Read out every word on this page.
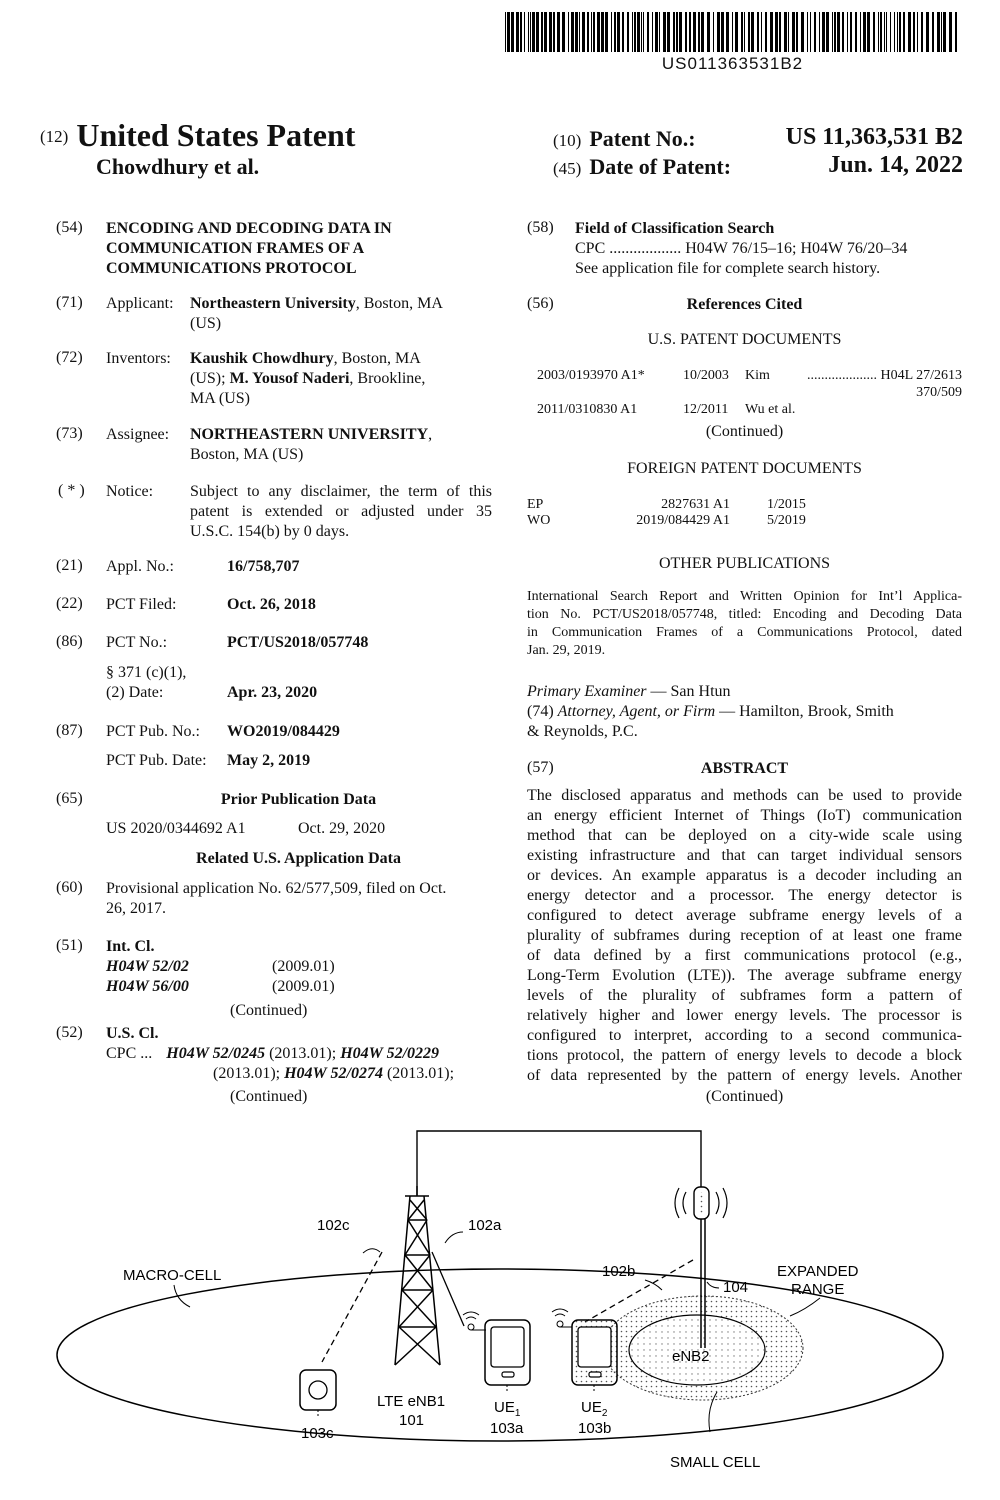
US011363531B2
(12) United States Patent
Chowdhury et al.
(10) Patent No.:	US 11,363,531 B2
(45) Date of Patent:	Jun. 14, 2022
(54) ENCODING AND DECODING DATA IN
COMMUNICATION FRAMES OF A
COMMUNICATIONS PROTOCOL
(71) Applicant: Northeastern University, Boston, MA
(US)
(72) Inventors: Kaushik Chowdhury, Boston, MA
(US); M. Yousof Naderi, Brookline,
MA (US)
(73) Assignee: NORTHEASTERN UNIVERSITY,
Boston, MA (US)
( * ) Notice: Subject to any disclaimer, the term of this
patent is extended or adjusted under 35
U.S.C. 154(b) by 0 days.
(21) Appl. No.:	16/758,707
(22) PCT Filed:	Oct. 26, 2018
(86) PCT No.:	PCT/US2018/057748
§ 371 (c)(1),
(2) Date:	Apr. 23, 2020
(87) PCT Pub. No.: WO2019/084429
PCT Pub. Date: May 2, 2019
(65)	Prior Publication Data
US 2020/0344692 A1	Oct. 29, 2020
Related U.S. Application Data
(60) Provisional application No. 62/577,509, filed on Oct.
26, 2017.
(51) Int. Cl.
H04W 52/02	(2009.01)
H04W 56/00	(2009.01)
(Continued)
(52) U.S. Cl.
CPC ... H04W 52/0245 (2013.01); H04W 52/0229
(2013.01); H04W 52/0274 (2013.01);
(Continued)
(58) Field of Classification Search
CPC .................. H04W 76/15–16; H04W 76/20–34
See application file for complete search history.
(56)	References Cited
U.S. PATENT DOCUMENTS
2003/0193970 A1*	10/2003 Kim	.................... H04L 27/2613
370/509
2011/0310830 A1	12/2011 Wu et al.
(Continued)
FOREIGN PATENT DOCUMENTS
EP	2827631 A1	1/2015
WO	2019/084429 A1	5/2019
OTHER PUBLICATIONS
International Search Report and Written Opinion for Int’l Applica-
tion No. PCT/US2018/057748, titled: Encoding and Decoding Data
in Communication Frames of a Communications Protocol, dated
Jan. 29, 2019.
Primary Examiner — San Htun
(74) Attorney, Agent, or Firm — Hamilton, Brook, Smith
& Reynolds, P.C.
(57)	ABSTRACT
The disclosed apparatus and methods can be used to provide
an energy efficient Internet of Things (IoT) communication
method that can be deployed on a city-wide scale using
existing infrastructure and that can target individual sensors
or devices. An example apparatus is a decoder including an
energy detector and a processor. The energy detector is
configured to detect average subframe energy levels of a
plurality of subframes during reception of at least one frame
of data defined by a first communications protocol (e.g.,
Long-Term Evolution (LTE)). The average subframe energy
levels of the plurality of subframes form a pattern of
relatively higher and lower energy levels. The processor is
configured to interpret, according to a second communica-
tions protocol, the pattern of energy levels to decode a block
of data represented by the pattern of energy levels. Another
(Continued)
MACRO-CELL
102c	102a
102b
104
EXPANDED
RANGE
eNB2
103c
LTE eNB1
101
$UE_1$
103a
$UE_2$
103b
SMALL CELL
